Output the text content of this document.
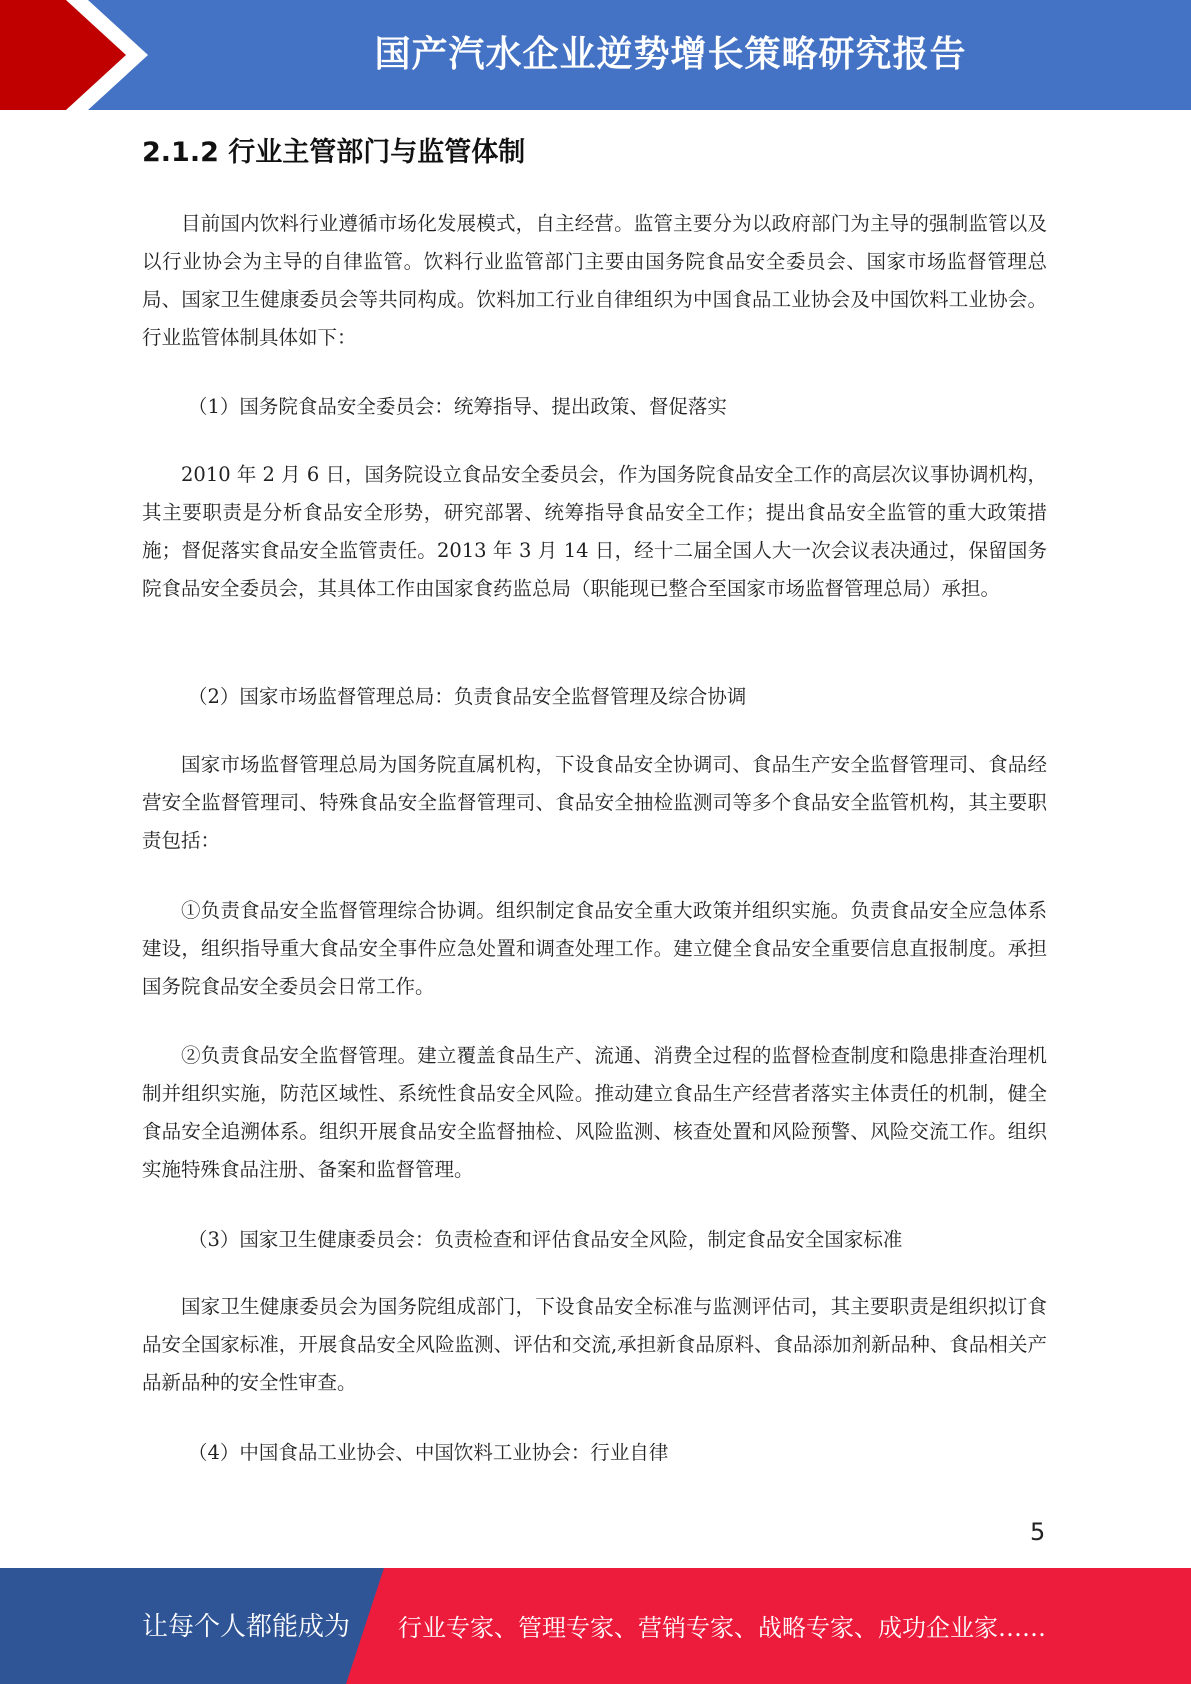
国产汽水企业逆势增长策略研究报告
2.1.2 行业主管部门与监管体制

目前国内饮料行业遵循市场化发展模式，自主经营。监管主要分为以政府部门为主导的强制监管以及以行业协会为主导的自律监管。饮料行业监管部门主要由国务院食品安全委员会、国家市场监督管理总局、国家卫生健康委员会等共同构成。饮料加工行业自律组织为中国食品工业协会及中国饮料工业协会。行业监管体制具体如下：

（1）国务院食品安全委员会：统筹指导、提出政策、督促落实

2010 年 2 月 6 日，国务院设立食品安全委员会，作为国务院食品安全工作的高层次议事协调机构，其主要职责是分析食品安全形势，研究部署、统筹指导食品安全工作；提出食品安全监管的重大政策措施；督促落实食品安全监管责任。2013 年 3 月 14 日，经十二届全国人大一次会议表决通过，保留国务院食品安全委员会，其具体工作由国家食药监总局（职能现已整合至国家市场监督管理总局）承担。

（2）国家市场监督管理总局：负责食品安全监督管理及综合协调

国家市场监督管理总局为国务院直属机构，下设食品安全协调司、食品生产安全监督管理司、食品经营安全监督管理司、特殊食品安全监督管理司、食品安全抽检监测司等多个食品安全监管机构，其主要职责包括：

①负责食品安全监督管理综合协调。组织制定食品安全重大政策并组织实施。负责食品安全应急体系建设，组织指导重大食品安全事件应急处置和调查处理工作。建立健全食品安全重要信息直报制度。承担国务院食品安全委员会日常工作。

②负责食品安全监督管理。建立覆盖食品生产、流通、消费全过程的监督检查制度和隐患排查治理机制并组织实施，防范区域性、系统性食品安全风险。推动建立食品生产经营者落实主体责任的机制，健全食品安全追溯体系。组织开展食品安全监督抽检、风险监测、核查处置和风险预警、风险交流工作。组织实施特殊食品注册、备案和监督管理。

（3）国家卫生健康委员会：负责检查和评估食品安全风险，制定食品安全国家标准

国家卫生健康委员会为国务院组成部门，下设食品安全标准与监测评估司，其主要职责是组织拟订食品安全国家标准，开展食品安全风险监测、评估和交流,承担新食品原料、食品添加剂新品种、食品相关产品新品种的安全性审查。

（4）中国食品工业协会、中国饮料工业协会：行业自律

5
让每个人都能成为 行业专家、管理专家、营销专家、战略专家、成功企业家……
